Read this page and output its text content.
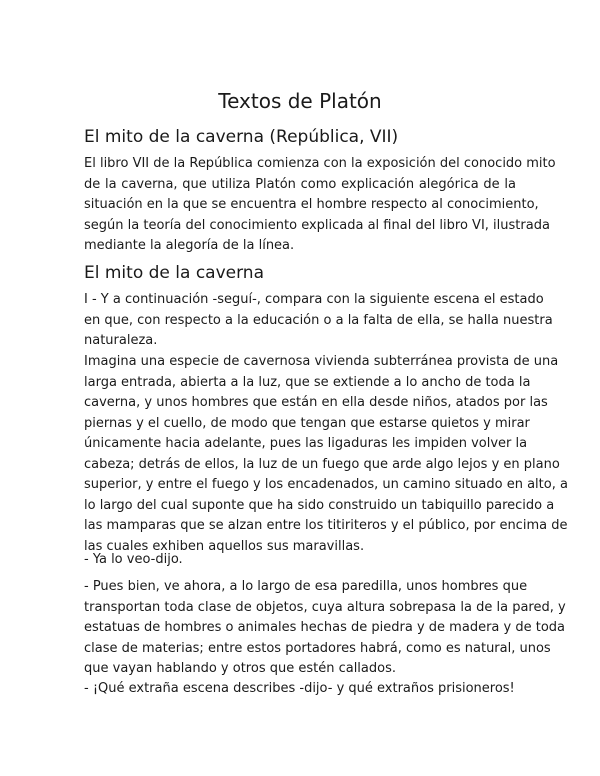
Textos de Platón
El mito de la caverna (República, VII)

El libro VII de la República comienza con la exposición del conocido mito
de la caverna, que utiliza Platón como explicación alegórica de la
situación en la que se encuentra el hombre respecto al conocimiento,
según la teoría del conocimiento explicada al final del libro VI, ilustrada
mediante la alegoría de la línea.

El mito de la caverna

I - Y a continuación -seguí-, compara con la siguiente escena el estado
en que, con respecto a la educación o a la falta de ella, se halla nuestra
naturaleza.

Imagina una especie de cavernosa vivienda subterránea provista de una
larga entrada, abierta a la luz, que se extiende a lo ancho de toda la
caverna, y unos hombres que están en ella desde niños, atados por las
piernas y el cuello, de modo que tengan que estarse quietos y mirar
únicamente hacia adelante, pues las ligaduras les impiden volver la
cabeza; detrás de ellos, la luz de un fuego que arde algo lejos y en plano
superior, y entre el fuego y los encadenados, un camino situado en alto, a
lo largo del cual suponte que ha sido construido un tabiquillo parecido a
las mamparas que se alzan entre los titiriteros y el público, por encima de
las cuales exhiben aquellos sus maravillas.

- Ya lo veo-dijo.

- Pues bien, ve ahora, a lo largo de esa paredilla, unos hombres que
transportan toda clase de objetos, cuya altura sobrepasa la de la pared, y
estatuas de hombres o animales hechas de piedra y de madera y de toda
clase de materias; entre estos portadores habrá, como es natural, unos
que vayan hablando y otros que estén callados.

- ¡Qué extraña escena describes -dijo- y qué extraños prisioneros!
